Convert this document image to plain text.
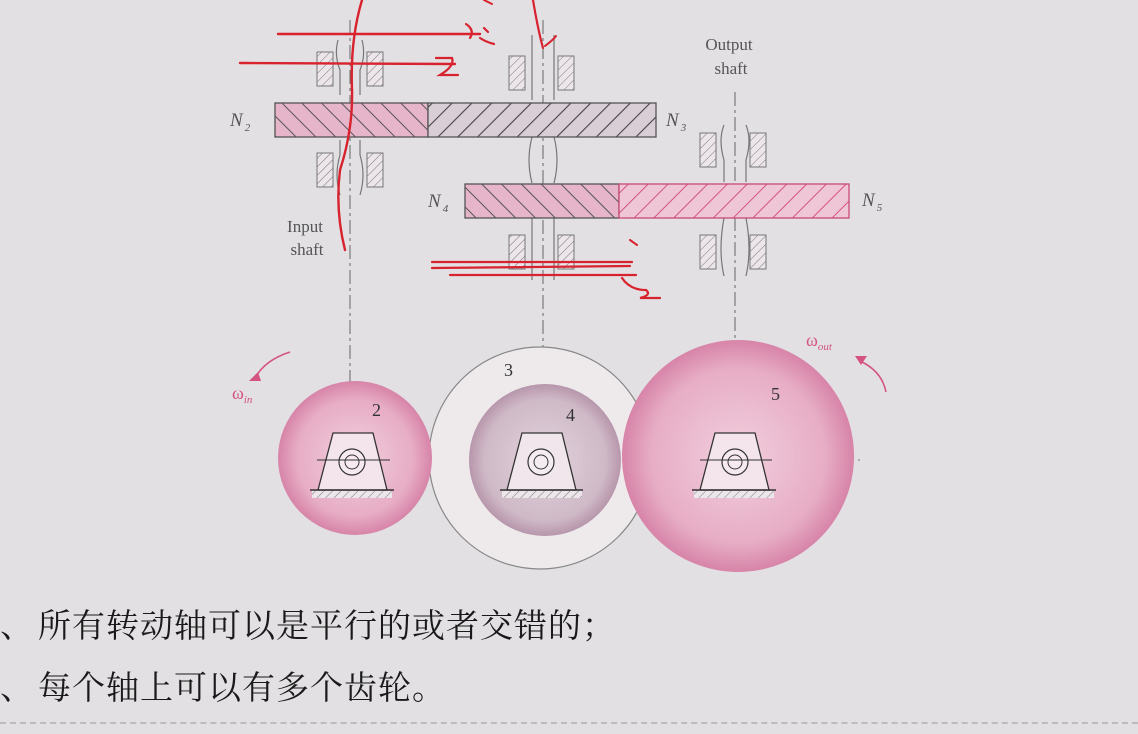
N $_2$	N $_3$
N $_4$	N $_5$
Input
shaft
Output
shaft
2
3
4
5
$\omega_{in}$
$\omega_{out}$
、 所有转动轴可以是平行的或者交错的；
、 每个轴上可以有多个齿轮。
